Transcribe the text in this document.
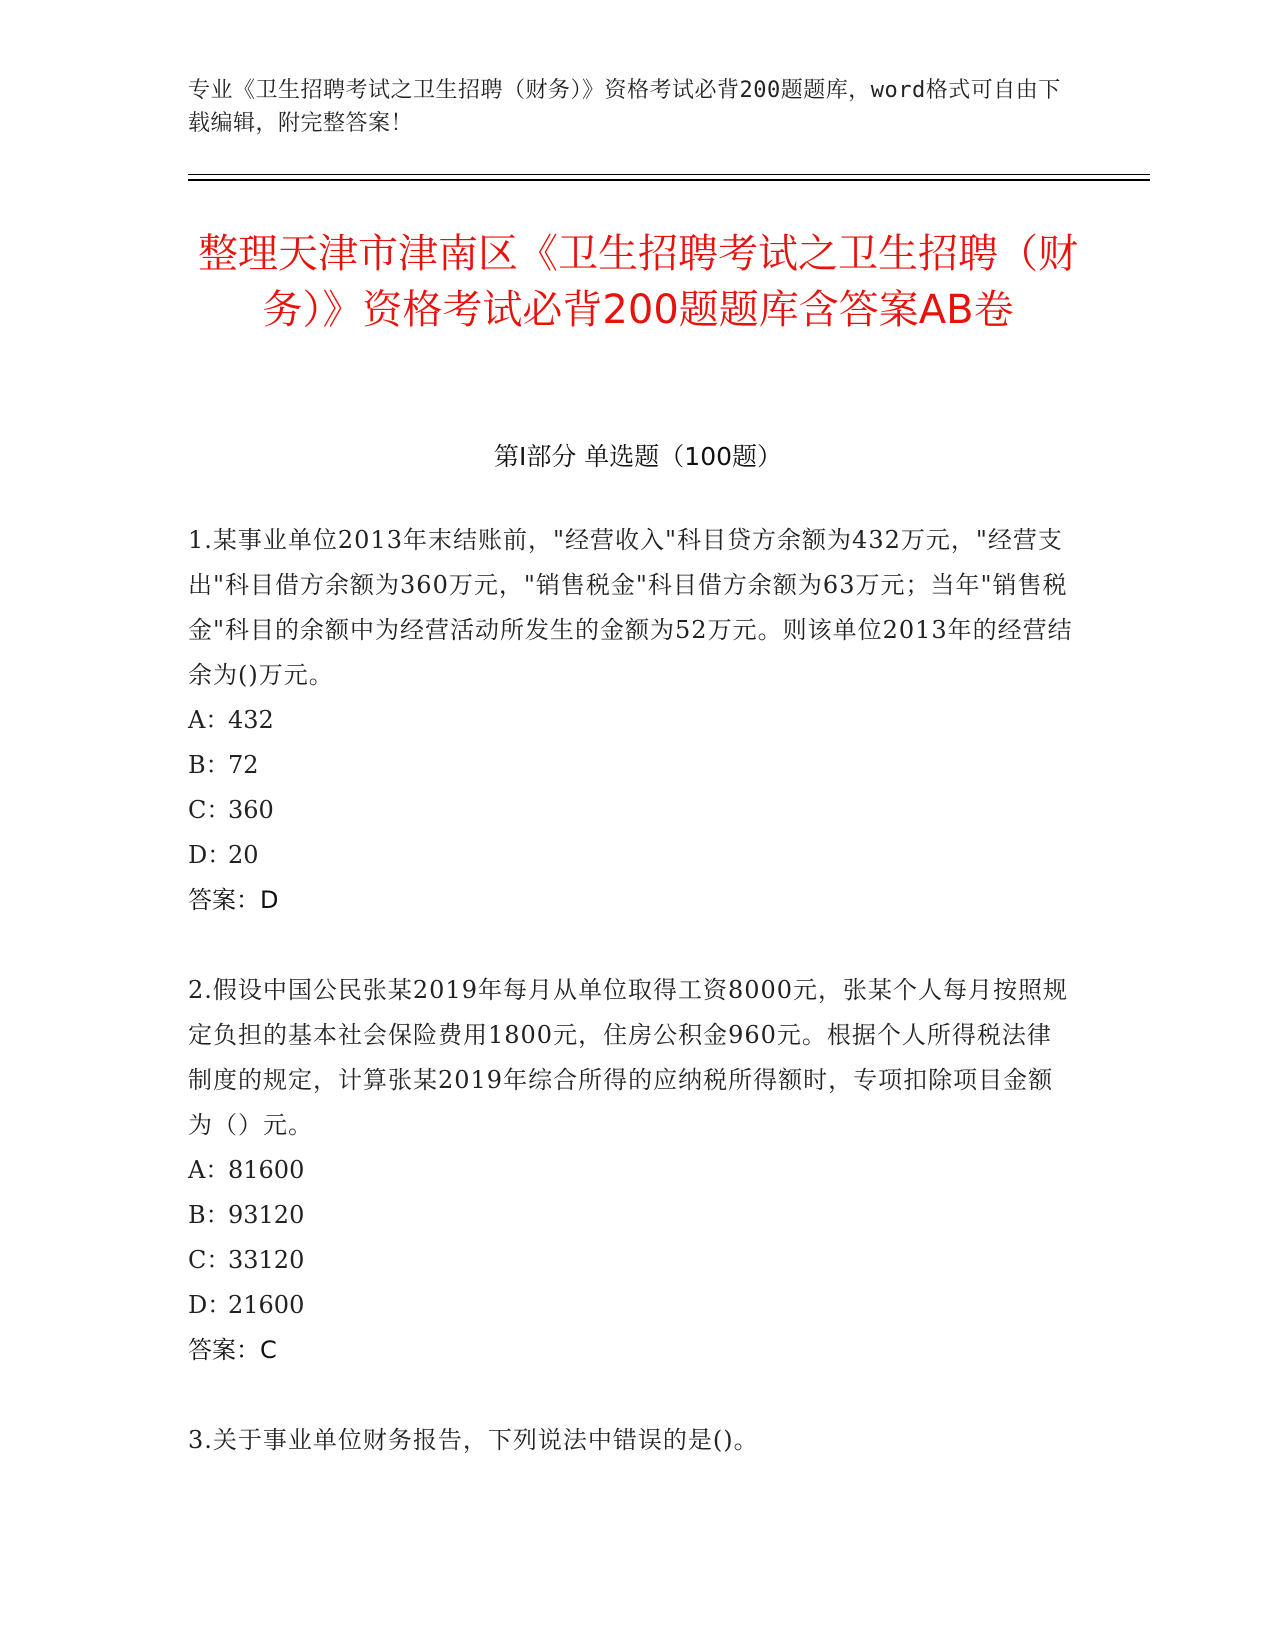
专业《卫生招聘考试之卫生招聘（财务）》资格考试必背200题题库，word格式可自由下载编辑，附完整答案！
整理天津市津南区《卫生招聘考试之卫生招聘（财务）》资格考试必背200题题库含答案AB卷
第Ⅰ部分 单选题（100题）

1.某事业单位2013年末结账前，"经营收入"科目贷方余额为432万元，"经营支出"科目借方余额为360万元，"销售税金"科目借方余额为63万元；当年"销售税金"科目的余额中为经营活动所发生的金额为52万元。则该单位2013年的经营结余为()万元。

A：432

B：72

C：360

D：20

答案：D

2.假设中国公民张某2019年每月从单位取得工资8000元，张某个人每月按照规定负担的基本社会保险费用1800元，住房公积金960元。根据个人所得税法律制度的规定，计算张某2019年综合所得的应纳税所得额时，专项扣除项目金额为（）元。

A：81600

B：93120

C：33120

D：21600

答案：C

3.关于事业单位财务报告，下列说法中错误的是()。
